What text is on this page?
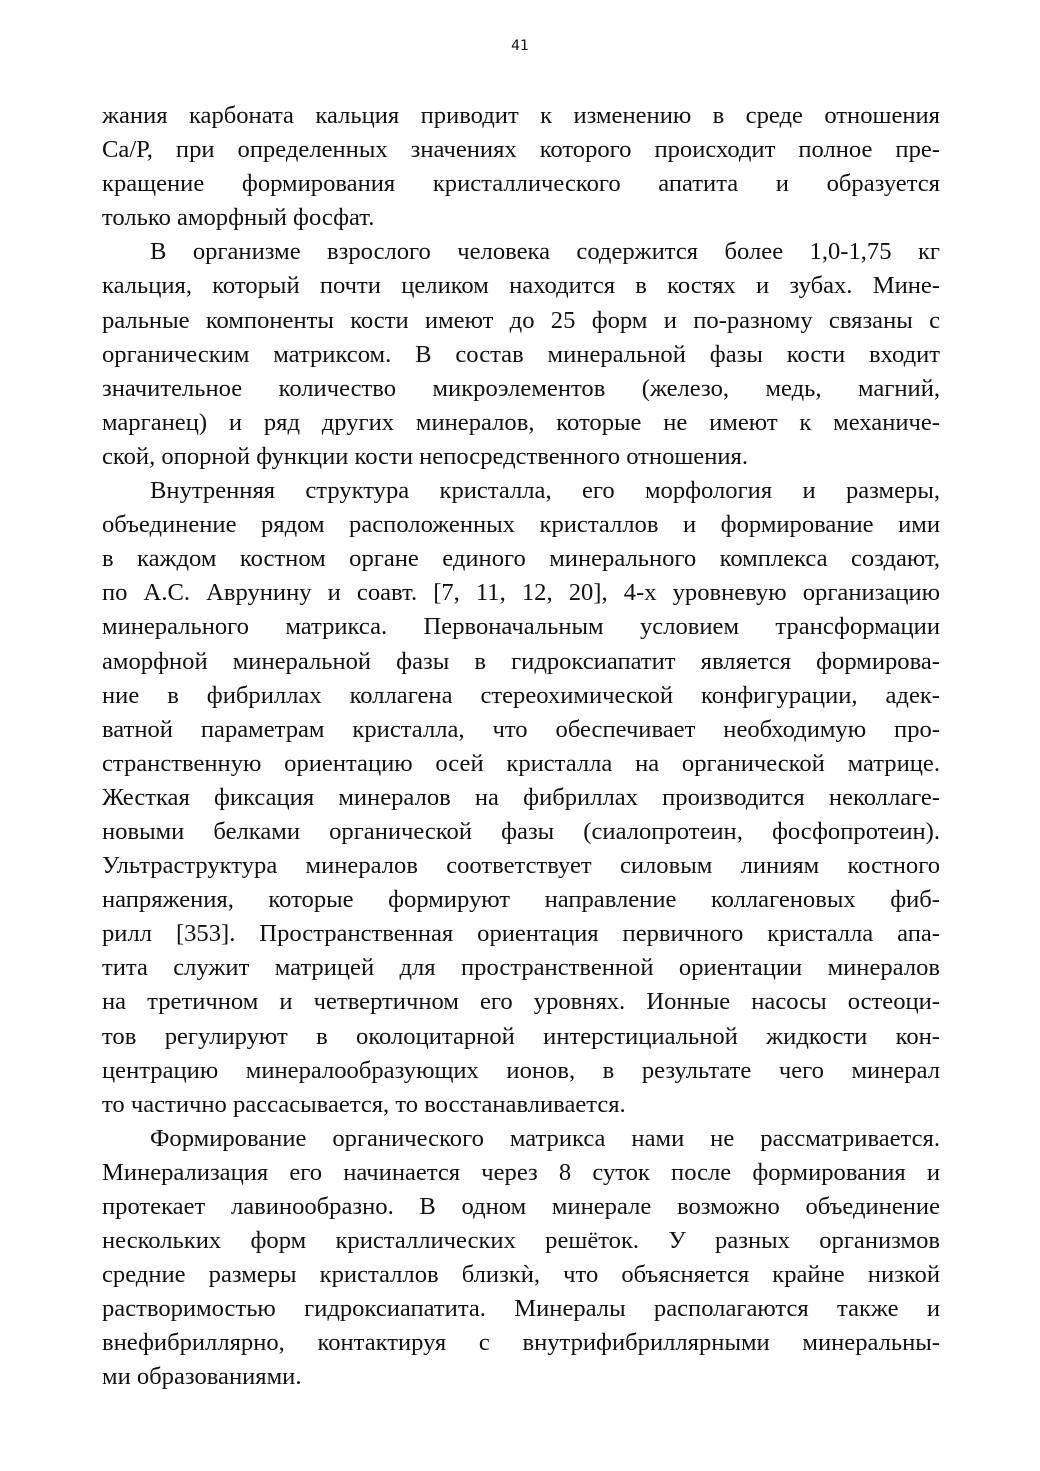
41
жания карбоната кальция приводит к изменению в среде отношения
Са/Р, при определенных значениях которого происходит полное пре-
кращение формирования кристаллического апатита и образуется
только аморфный фосфат.
В организме взрослого человека содержится более 1,0-1,75 кг
кальция, который почти целиком находится в костях и зубах. Мине-
ральные компоненты кости имеют до 25 форм и по-разному связаны с
органическим матриксом. В состав минеральной фазы кости входит
значительное количество микроэлементов (железо, медь, магний,
марганец) и ряд других минералов, которые не имеют к механиче-
ской, опорной функции кости непосредственного отношения.
Внутренняя структура кристалла, его морфология и размеры,
объединение рядом расположенных кристаллов и формирование ими
в каждом костном органе единого минерального комплекса создают,
по А.С. Аврунину и соавт. [7, 11, 12, 20], 4-х уровневую организацию
минерального матрикса. Первоначальным условием трансформации
аморфной минеральной фазы в гидроксиапатит является формирова-
ние в фибриллах коллагена стереохимической конфигурации, адек-
ватной параметрам кристалла, что обеспечивает необходимую про-
странственную ориентацию осей кристалла на органической матрице.
Жесткая фиксация минералов на фибриллах производится неколлаге-
новыми белками органической фазы (сиалопротеин, фосфопротеин).
Ультраструктура минералов соответствует силовым линиям костного
напряжения, которые формируют направление коллагеновых фиб-
рилл [353]. Пространственная ориентация первичного кристалла апа-
тита служит матрицей для пространственной ориентации минералов
на третичном и четвертичном его уровнях. Ионные насосы остеоци-
тов регулируют в околоцитарной интерстициальной жидкости кон-
центрацию минералообразующих ионов, в результате чего минерал
то частично рассасывается, то восстанавливается.
Формирование органического матрикса нами не рассматривается.
Минерализация его начинается через 8 суток после формирования и
протекает лавинообразно. В одном минерале возможно объединение
нескольких форм кристаллических решёток. У разных организмов
средние размеры кристаллов близкѝ, что объясняется крайне низкой
растворимостью гидроксиапатита. Минералы располагаются также и
внефибриллярно, контактируя с внутрифибриллярными минеральны-
ми образованиями.
